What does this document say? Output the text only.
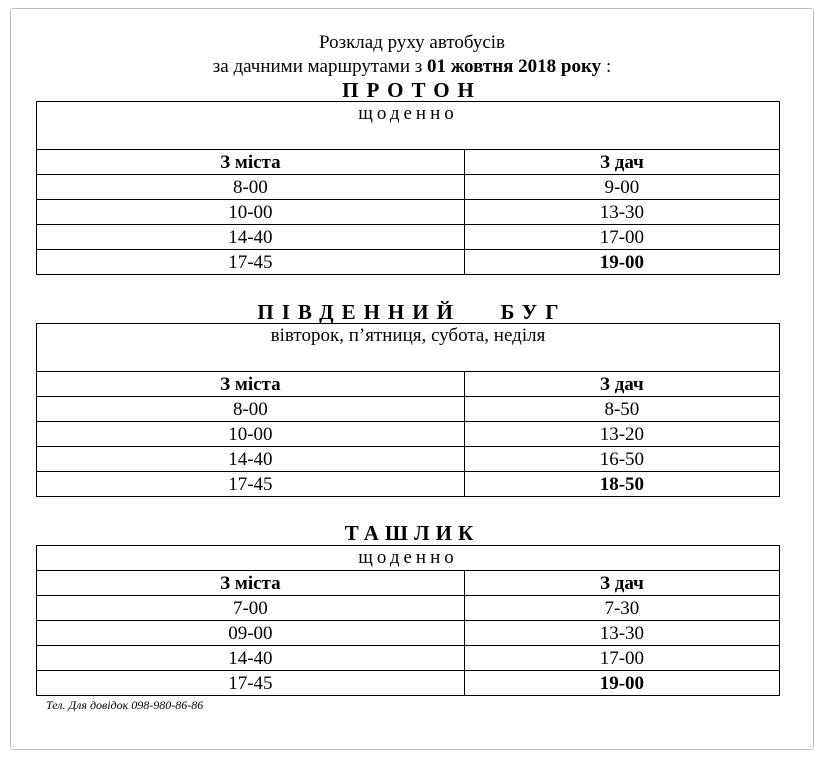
Розклад руху автобусів
за дачними маршрутами з 01 жовтня 2018 року :
ПРОТОН
щоденно	
З міста	З дач
8-00	9-00
10-00	13-30
14-40	17-00
17-45	19-00
ПІВДЕННИЙ   БУГ
вівторок, п’ятниця, субота, неділя	
З міста	З дач
8-00	8-50
10-00	13-20
14-40	16-50
17-45	18-50
ТАШЛИК
щоденно	
З міста	З дач
7-00	7-30
09-00	13-30
14-40	17-00
17-45	19-00
Тел. Для довідок 098-980-86-86
